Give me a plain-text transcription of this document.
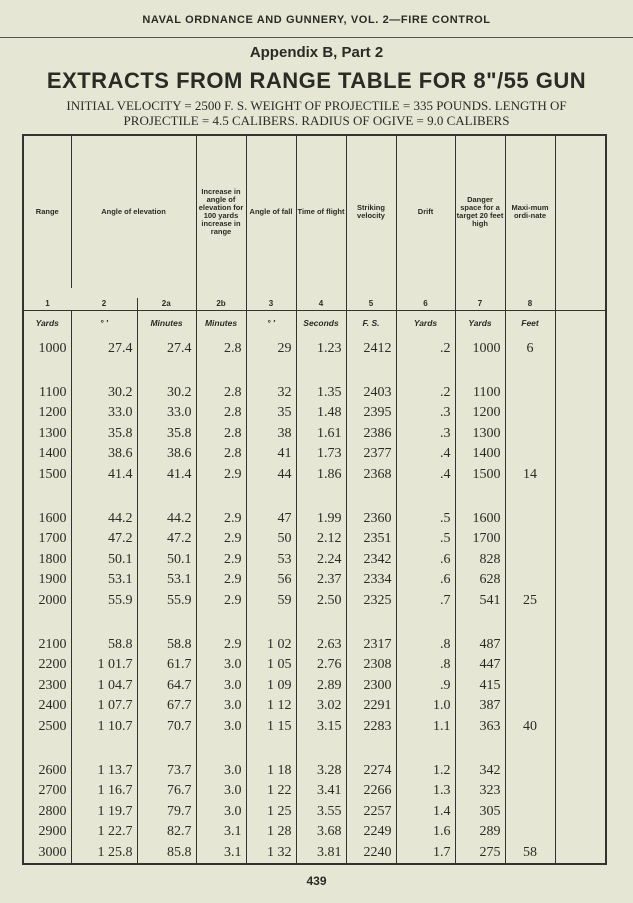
NAVAL ORDNANCE AND GUNNERY, VOL. 2—FIRE CONTROL
Appendix B, Part 2
EXTRACTS FROM RANGE TABLE FOR 8"/55 GUN
INITIAL VELOCITY = 2500 F. S. WEIGHT OF PROJECTILE = 335 POUNDS. LENGTH OF
PROJECTILE = 4.5 CALIBERS. RADIUS OF OGIVE = 9.0 CALIBERS
Range	Angle of elevation		Increase in angle of elevation for 100 yards increase in range	Angle of fall	Time of flight	Striking velocity	Drift	Danger space for a target 20 feet high	Maxi-mum ordi-nate	
1	2	2a	2b	3	4	5	6	7	8	
Yards	° ′	Minutes	Minutes	° ′	Seconds	F. S.	Yards	Yards	Feet	
1000	27.4	27.4	2.8	29	1.23	2412	.2	1000	6	

1100	30.2	30.2	2.8	32	1.35	2403	.2	1100		
1200	33.0	33.0	2.8	35	1.48	2395	.3	1200		
1300	35.8	35.8	2.8	38	1.61	2386	.3	1300		
1400	38.6	38.6	2.8	41	1.73	2377	.4	1400		
1500	41.4	41.4	2.9	44	1.86	2368	.4	1500	14	

1600	44.2	44.2	2.9	47	1.99	2360	.5	1600		
1700	47.2	47.2	2.9	50	2.12	2351	.5	1700		
1800	50.1	50.1	2.9	53	2.24	2342	.6	828		
1900	53.1	53.1	2.9	56	2.37	2334	.6	628		
2000	55.9	55.9	2.9	59	2.50	2325	.7	541	25	

2100	58.8	58.8	2.9	1 02	2.63	2317	.8	487		
2200	1 01.7	61.7	3.0	1 05	2.76	2308	.8	447		
2300	1 04.7	64.7	3.0	1 09	2.89	2300	.9	415		
2400	1 07.7	67.7	3.0	1 12	3.02	2291	1.0	387		
2500	1 10.7	70.7	3.0	1 15	3.15	2283	1.1	363	40	

2600	1 13.7	73.7	3.0	1 18	3.28	2274	1.2	342		
2700	1 16.7	76.7	3.0	1 22	3.41	2266	1.3	323		
2800	1 19.7	79.7	3.0	1 25	3.55	2257	1.4	305		
2900	1 22.7	82.7	3.1	1 28	3.68	2249	1.6	289		
3000	1 25.8	85.8	3.1	1 32	3.81	2240	1.7	275	58	
439
